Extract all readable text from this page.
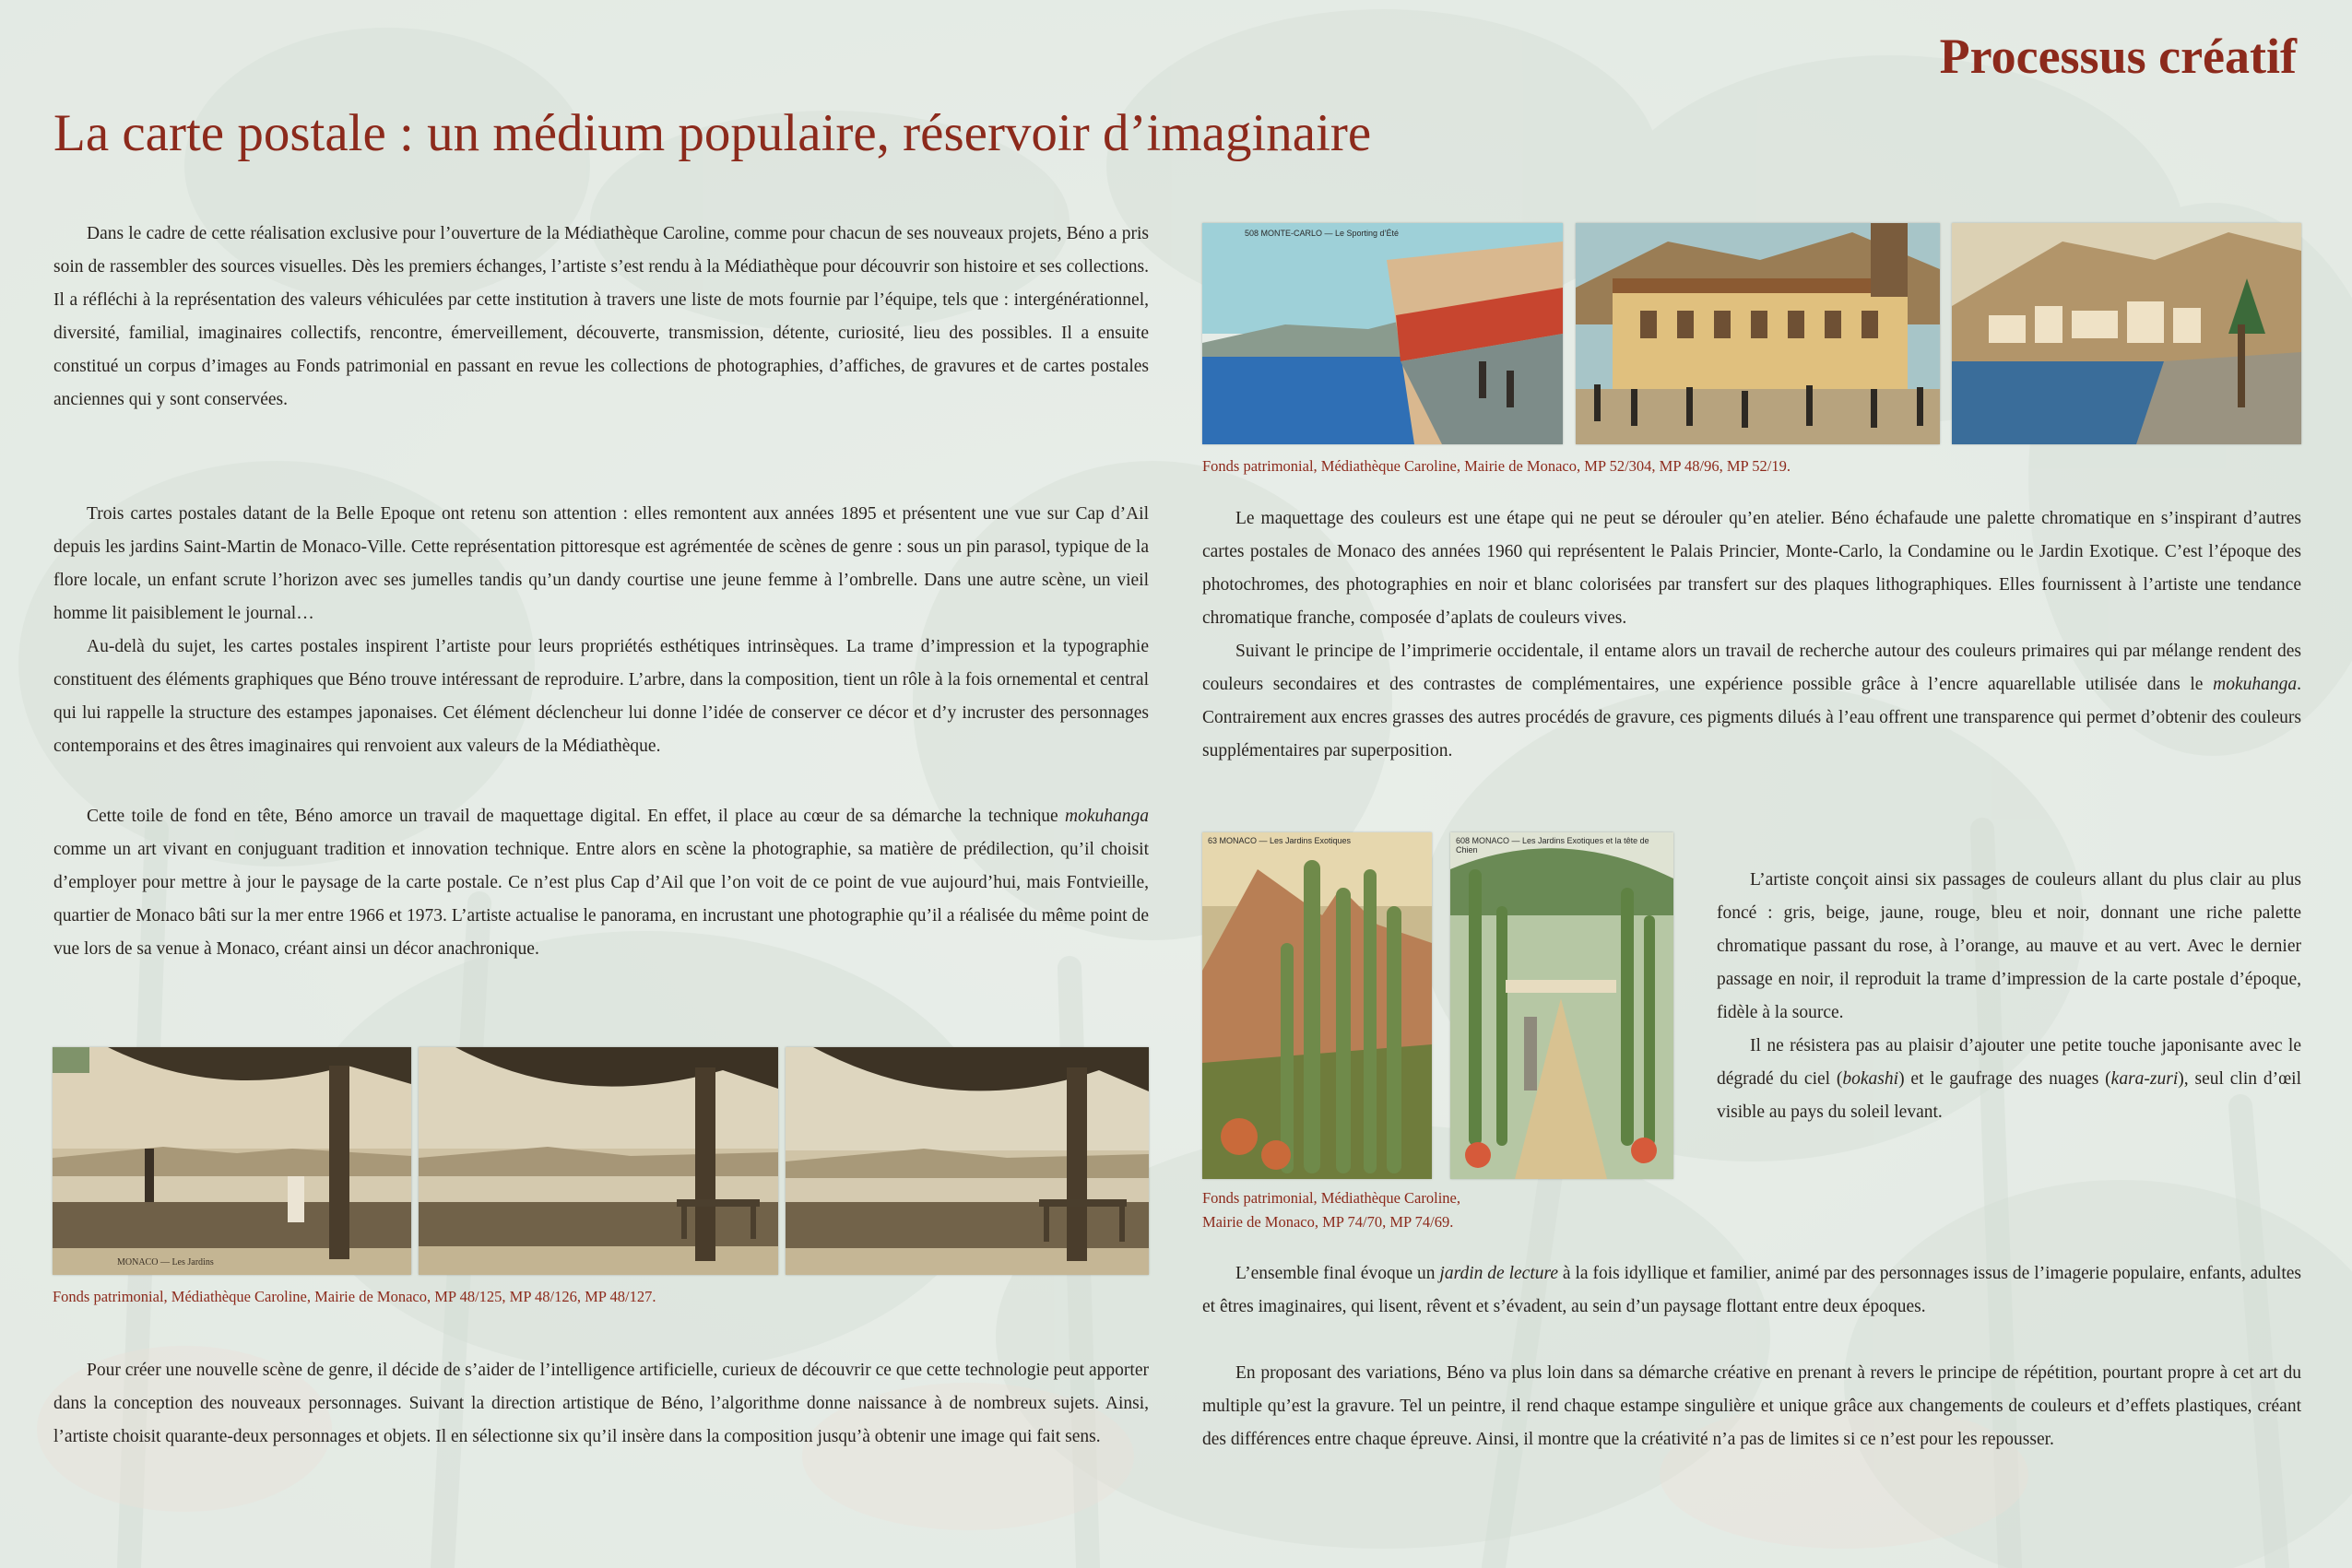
Processus créatif
La carte postale : un médium populaire, réservoir d’imaginaire

Dans le cadre de cette réalisation exclusive pour l’ouverture de la Médiathèque Caroline, comme pour chacun de ses nouveaux projets, Béno a pris soin de rassembler des sources visuelles. Dès les premiers échanges, l’artiste s’est rendu à la Médiathèque pour découvrir son histoire et ses collections. Il a réfléchi à la représentation des valeurs véhiculées par cette institution à travers une liste de mots fournie par l’équipe, tels que : intergénérationnel, diversité, familial, imaginaires collectifs, rencontre, émerveillement, découverte, transmission, détente, curiosité, lieu des possibles. Il a ensuite constitué un corpus d’images au Fonds patrimonial en passant en revue les collections de photographies, d’affiches, de gravures et de cartes postales anciennes qui y sont conservées.

Trois cartes postales datant de la Belle Epoque ont retenu son attention : elles remontent aux années 1895 et présentent une vue sur Cap d’Ail depuis les jardins Saint-Martin de Monaco-Ville. Cette représentation pittoresque est agrémentée de scènes de genre : sous un pin parasol, typique de la flore locale, un enfant scrute l’horizon avec ses jumelles tandis qu’un dandy courtise une jeune femme à l’ombrelle. Dans une autre scène, un vieil homme lit paisiblement le journal…

Au-delà du sujet, les cartes postales inspirent l’artiste pour leurs propriétés esthétiques intrinsèques. La trame d’impression et la typographie constituent des éléments graphiques que Béno trouve intéressant de reproduire. L’arbre, dans la composition, tient un rôle à la fois ornemental et central qui lui rappelle la structure des estampes japonaises. Cet élément déclencheur lui donne l’idée de conserver ce décor et d’y incruster des personnages contemporains et des êtres imaginaires qui renvoient aux valeurs de la Médiathèque.

Cette toile de fond en tête, Béno amorce un travail de maquettage digital. En effet, il place au cœur de sa démarche la technique mokuhanga comme un art vivant en conjuguant tradition et innovation technique. Entre alors en scène la photographie, sa matière de prédilection, qu’il choisit d’employer pour mettre à jour le paysage de la carte postale. Ce n’est plus Cap d’Ail que l’on voit de ce point de vue aujourd’hui, mais Fontvieille, quartier de Monaco bâti sur la mer entre 1966 et 1973. L’artiste actualise le panorama, en incrustant une photographie qu’il a réalisée du même point de vue lors de sa venue à Monaco, créant ainsi un décor anachronique.

MONACO — Les Jardins
Fonds patrimonial, Médiathèque Caroline, Mairie de Monaco, MP 48/125, MP 48/126, MP 48/127.

Pour créer une nouvelle scène de genre, il décide de s’aider de l’intelligence artificielle, curieux de découvrir ce que cette technologie peut apporter dans la conception des nouveaux personnages. Suivant la direction artistique de Béno, l’algorithme donne naissance à de nombreux sujets. Ainsi, l’artiste choisit quarante-deux personnages et objets. Il en sélectionne six qu’il insère dans la composition jusqu’à obtenir une image qui fait sens.

508 MONTE-CARLO — Le Sporting d’Été
Fonds patrimonial, Médiathèque Caroline, Mairie de Monaco, MP 52/304, MP 48/96, MP 52/19.

Le maquettage des couleurs est une étape qui ne peut se dérouler qu’en atelier. Béno échafaude une palette chromatique en s’inspirant d’autres cartes postales de Monaco des années 1960 qui représentent le Palais Princier, Monte-Carlo, la Condamine ou le Jardin Exotique. C’est l’époque des photochromes, des photographies en noir et blanc colorisées par transfert sur des plaques lithographiques. Elles fournissent à l’artiste une tendance chromatique franche, composée d’aplats de couleurs vives.

Suivant le principe de l’imprimerie occidentale, il entame alors un travail de recherche autour des couleurs primaires qui par mélange rendent des couleurs secondaires et des contrastes de complémentaires, une expérience possible grâce à l’encre aquarellable utilisée dans le mokuhanga. Contrairement aux encres grasses des autres procédés de gravure, ces pigments dilués à l’eau offrent une transparence qui permet d’obtenir des couleurs supplémentaires par superposition.

63 MONACO — Les Jardins Exotiques	608 MONACO — Les Jardins Exotiques et la tête de Chien
Fonds patrimonial, Médiathèque Caroline, Mairie de Monaco, MP 74/70, MP 74/69.

L’artiste conçoit ainsi six passages de couleurs allant du plus clair au plus foncé : gris, beige, jaune, rouge, bleu et noir, donnant une riche palette chromatique passant du rose, à l’orange, au mauve et au vert. Avec le dernier passage en noir, il reproduit la trame d’impression de la carte postale d’époque, fidèle à la source.

Il ne résistera pas au plaisir d’ajouter une petite touche japonisante avec le dégradé du ciel (bokashi) et le gaufrage des nuages (kara-zuri), seul clin d’œil visible au pays du soleil levant.

L’ensemble final évoque un jardin de lecture à la fois idyllique et familier, animé par des personnages issus de l’imagerie populaire, enfants, adultes et êtres imaginaires, qui lisent, rêvent et s’évadent, au sein d’un paysage flottant entre deux époques.

En proposant des variations, Béno va plus loin dans sa démarche créative en prenant à revers le principe de répétition, pourtant propre à cet art du multiple qu’est la gravure. Tel un peintre, il rend chaque estampe singulière et unique grâce aux changements de couleurs et d’effets plastiques, créant des différences entre chaque épreuve. Ainsi, il montre que la créativité n’a pas de limites si ce n’est pour les repousser.
